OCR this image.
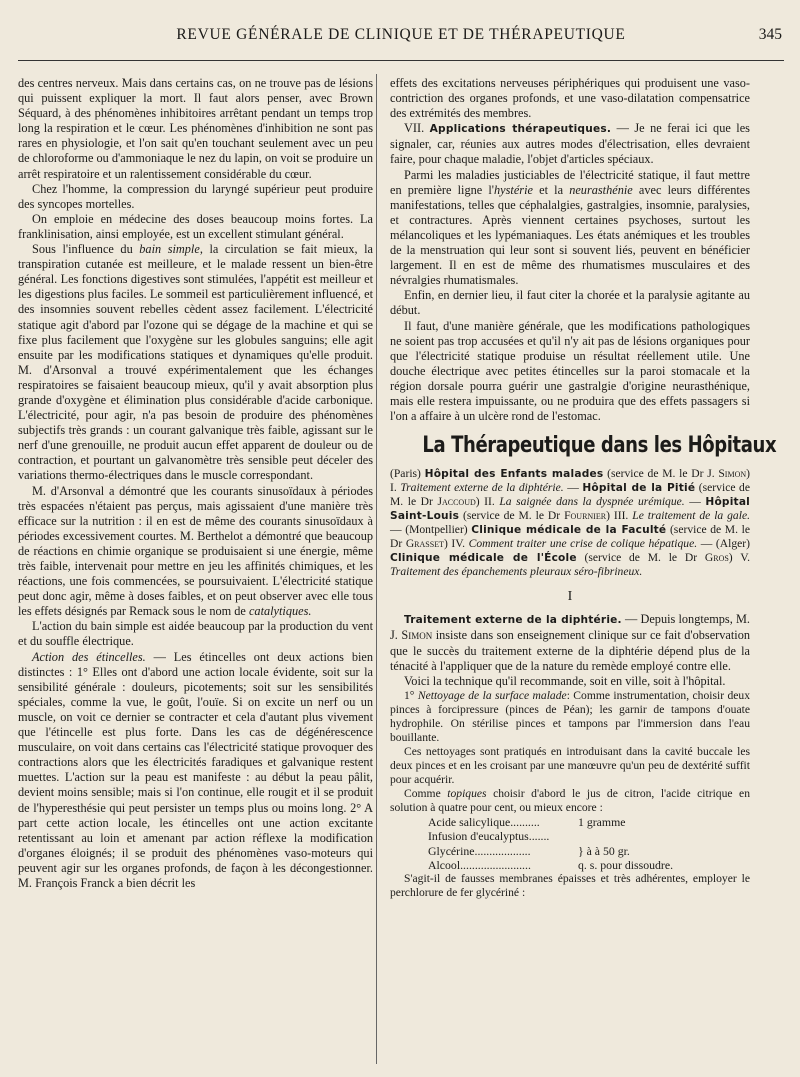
REVUE GÉNÉRALE DE CLINIQUE ET DE THÉRAPEUTIQUE	345

des centres nerveux. Mais dans certains cas, on ne trouve pas de lésions qui puissent expliquer la mort. Il faut alors penser, avec Brown Séquard, à des phénomènes inhibitoires arrêtant pendant un temps trop long la respiration et le cœur. Les phénomènes d'inhibition ne sont pas rares en physiologie, et l'on sait qu'en touchant seulement avec un peu de chloroforme ou d'ammoniaque le nez du lapin, on voit se produire un arrêt respiratoire et un ralentissement considérable du cœur.

Chez l'homme, la compression du laryngé supérieur peut produire des syncopes mortelles.

On emploie en médecine des doses beaucoup moins fortes. La franklinisation, ainsi employée, est un excellent stimulant général.

Sous l'influence du bain simple, la circulation se fait mieux, la transpiration cutanée est meilleure, et le malade ressent un bien-être général. Les fonctions digestives sont stimulées, l'appétit est meilleur et les digestions plus faciles. Le sommeil est particulièrement influencé, et des insomnies souvent rebelles cèdent assez facilement. L'électricité statique agit d'abord par l'ozone qui se dégage de la machine et qui se fixe plus facilement que l'oxygène sur les globules sanguins; elle agit ensuite par les modifications statiques et dynamiques qu'elle produit. M. d'Arsonval a trouvé expérimentalement que les échanges respiratoires se faisaient beaucoup mieux, qu'il y avait absorption plus grande d'oxygène et élimination plus considérable d'acide carbonique. L'électricité, pour agir, n'a pas besoin de produire des phénomènes subjectifs très grands : un courant galvanique très faible, agissant sur le nerf d'une grenouille, ne produit aucun effet apparent de douleur ou de contraction, et pourtant un galvanomètre très sensible peut déceler des variations thermo-électriques dans le muscle correspondant.

M. d'Arsonval a démontré que les courants sinusoïdaux à périodes très espacées n'étaient pas perçus, mais agissaient d'une manière très efficace sur la nutrition : il en est de même des courants sinusoïdaux à périodes excessivement courtes. M. Berthelot a démontré que beaucoup de réactions en chimie organique se produisaient si une énergie, même très faible, intervenait pour mettre en jeu les affinités chimiques, et les réactions, une fois commencées, se poursuivaient. L'électricité statique peut donc agir, même à doses faibles, et on peut observer avec elle tous les effets désignés par Remack sous le nom de catalytiques.

L'action du bain simple est aidée beaucoup par la production du vent et du souffle électrique.

Action des étincelles. — Les étincelles ont deux actions bien distinctes : 1° Elles ont d'abord une action locale évidente, soit sur la sensibilité générale : douleurs, picotements; soit sur les sensibilités spéciales, comme la vue, le goût, l'ouïe. Si on excite un nerf ou un muscle, on voit ce dernier se contracter et cela d'autant plus vivement que l'étincelle est plus forte. Dans les cas de dégénérescence musculaire, on voit dans certains cas l'électricité statique provoquer des contractions alors que les électricités faradiques et galvanique restent muettes. L'action sur la peau est manifeste : au début la peau pâlit, devient moins sensible; mais si l'on continue, elle rougit et il se produit de l'hyperesthésie qui peut persister un temps plus ou moins long. 2° A part cette action locale, les étincelles ont une action excitante retentissant au loin et amenant par action réflexe la modification d'organes éloignés; il se produit des phénomènes vaso-moteurs qui peuvent agir sur les organes profonds, de façon à les décongestionner. M. François Franck a bien décrit les

effets des excitations nerveuses périphériques qui produisent une vaso-contriction des organes profonds, et une vaso-dilatation compensatrice des extrémités des membres.

VII. Applications thérapeutiques. — Je ne ferai ici que les signaler, car, réunies aux autres modes d'électrisation, elles devraient faire, pour chaque maladie, l'objet d'articles spéciaux.

Parmi les maladies justiciables de l'électricité statique, il faut mettre en première ligne l'hystérie et la neurasthénie avec leurs différentes manifestations, telles que céphalalgies, gastralgies, insomnie, paralysies, et contractures. Après viennent certaines psychoses, surtout les mélancoliques et les lypémaniaques. Les états anémiques et les troubles de la menstruation qui leur sont si souvent liés, peuvent en bénéficier largement. Il en est de même des rhumatismes musculaires et des névralgies rhumatismales.

Enfin, en dernier lieu, il faut citer la chorée et la paralysie agitante au début.

Il faut, d'une manière générale, que les modifications pathologiques ne soient pas trop accusées et qu'il n'y ait pas de lésions organiques pour que l'électricité statique produise un résultat réellement utile. Une douche électrique avec petites étincelles sur la paroi stomacale et la région dorsale pourra guérir une gastralgie d'origine neurasthénique, mais elle restera impuissante, ou ne produira que des effets passagers si l'on a affaire à un ulcère rond de l'estomac.

La Thérapeutique dans les Hôpitaux

(Paris) Hôpital des Enfants malades (service de M. le Dr J. Simon) I. Traitement externe de la diphtérie. — Hôpital de la Pitié (service de M. le Dr Jaccoud) II. La saignée dans la dyspnée urémique. — Hôpital Saint-Louis (service de M. le Dr Fournier) III. Le traitement de la gale. — (Montpellier) Clinique médicale de la Faculté (service de M. le Dr Grasset) IV. Comment traiter une crise de colique hépatique. — (Alger) Clinique médicale de l'École (service de M. le Dr Gros) V. Traitement des épanchements pleuraux séro-fibrineux.

I

Traitement externe de la diphtérie. — Depuis longtemps, M. J. Simon insiste dans son enseignement clinique sur ce fait d'observation que le succès du traitement externe de la diphtérie dépend plus de la ténacité à l'appliquer que de la nature du remède employé contre elle.

Voici la technique qu'il recommande, soit en ville, soit à l'hôpital.

1° Nettoyage de la surface malade: Comme instrumentation, choisir deux pinces à forcipressure (pinces de Péan); les garnir de tampons d'ouate hydrophile. On stérilise pinces et tampons par l'immersion dans l'eau bouillante.

Ces nettoyages sont pratiqués en introduisant dans la cavité buccale les deux pinces et en les croisant par une manœuvre qu'un peu de dextérité suffit pour acquérir.

Comme topiques choisir d'abord le jus de citron, l'acide citrique en solution à quatre pour cent, ou mieux encore :

Acide salicylique..........	1 gramme
Infusion d'eucalyptus.......
Glycérine...................	} à à 50 gr.
Alcool........................	q. s. pour dissoudre.

S'agit-il de fausses membranes épaisses et très adhérentes, employer le perchlorure de fer glycériné :
